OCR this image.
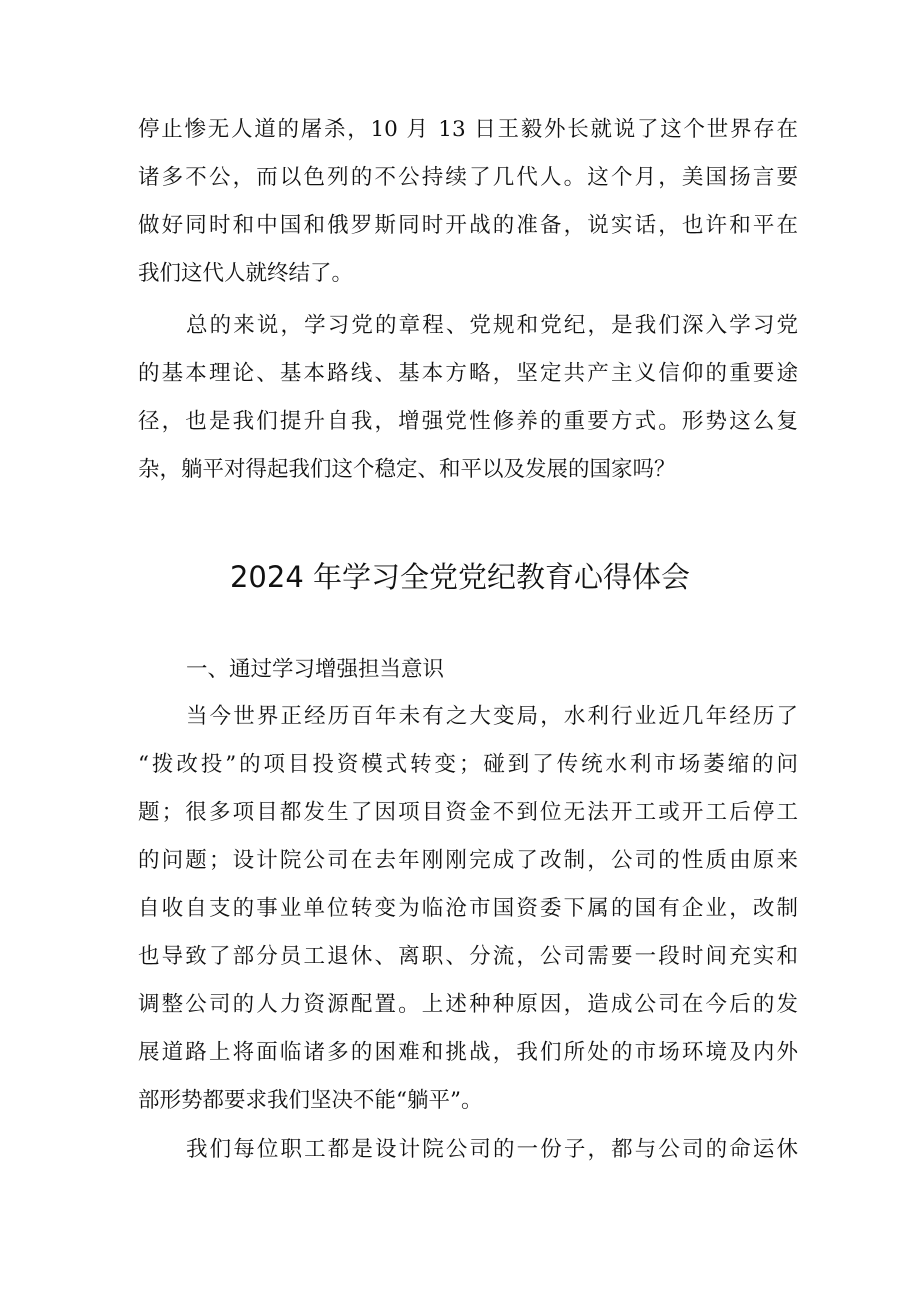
停止惨无人道的屠杀，10 月 13 日王毅外长就说了这个世界存在
诸多不公，而以色列的不公持续了几代人。这个月，美国扬言要
做好同时和中国和俄罗斯同时开战的准备，说实话，也许和平在
我们这代人就终结了。
总的来说，学习党的章程、党规和党纪，是我们深入学习党
的基本理论、基本路线、基本方略，坚定共产主义信仰的重要途
径，也是我们提升自我，增强党性修养的重要方式。形势这么复
杂，躺平对得起我们这个稳定、和平以及发展的国家吗？
2024 年学习全党党纪教育心得体会
一、通过学习增强担当意识
当今世界正经历百年未有之大变局，水利行业近几年经历了
“拨改投”的项目投资模式转变；碰到了传统水利市场萎缩的问
题；很多项目都发生了因项目资金不到位无法开工或开工后停工
的问题；设计院公司在去年刚刚完成了改制，公司的性质由原来
自收自支的事业单位转变为临沧市国资委下属的国有企业，改制
也导致了部分员工退休、离职、分流，公司需要一段时间充实和
调整公司的人力资源配置。上述种种原因，造成公司在今后的发
展道路上将面临诸多的困难和挑战，我们所处的市场环境及内外
部形势都要求我们坚决不能“躺平”。
我们每位职工都是设计院公司的一份子，都与公司的命运休
